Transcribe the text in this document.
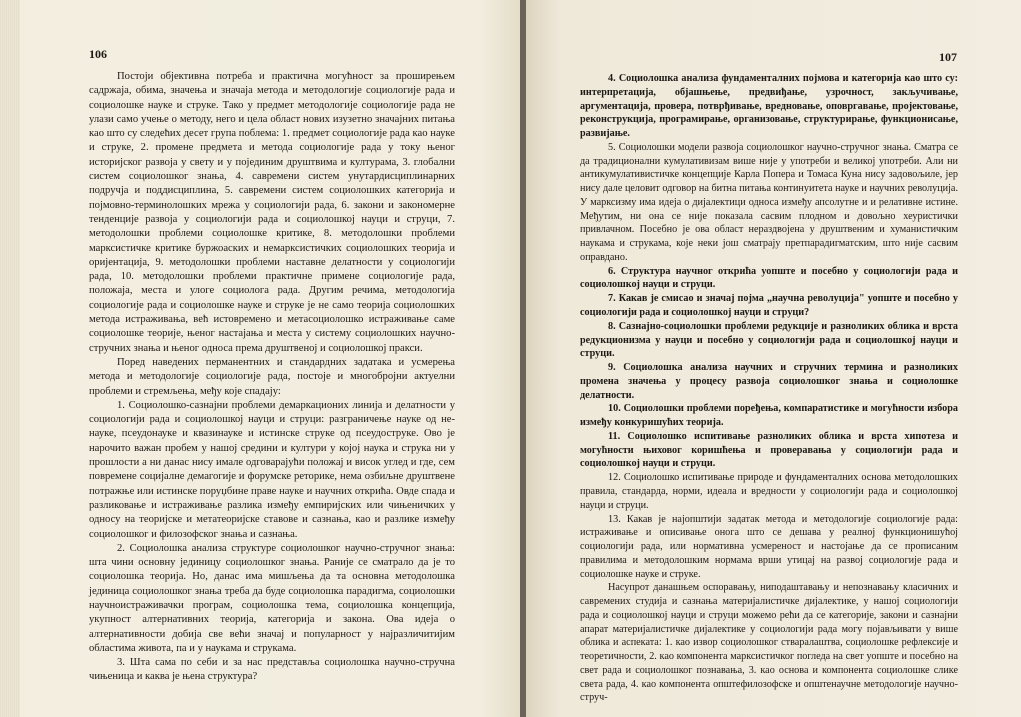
106

Постоји објективна потреба и практична могућност за проширењем садржаја, обима, значења и значаја метода и методологије социологије рада и социолошке науке и струке. Тако у предмет методологије социологије рада не улази само учење о методу, него и цела област нових изузетно значајних питања као што су следећих десет група поблема: 1. предмет социологије рада као науке и струке, 2. промене предмета и метода социологије рада у току њеног историјског развоја у свету и у појединим друштвима и културама, 3. глобални систем социолошког знања, 4. савремени систем унутардисциплинарних подручја и поддисциплина, 5. савремени систем социолошких категорија и појмовно-терминолошких мрежа у социологији рада, 6. закони и закономерне тенденције развоја у социологији рада и социолошкој науци и струци, 7. методолошки проблеми социолошке критике, 8. методолошки проблеми марксистичке критике буржоаских и немарксистичких социолошких теорија и оријентација, 9. методолошки проблеми наставне делатности у социологији рада, 10. методолошки проблеми практичне примене социологије рада, положаја, места и улоге социолога рада. Другим речима, методологија социологије рада и социолошке науке и струке је не само теорија социолошких метода истраживања, већ истовремено и метасоциолошко истраживање саме социолошке теорије, њеног настајања и места у систему социолошких научно-стручних знања и њеног односа према друштвеној и социолошкој пракси.

Поред наведених перманентних и стандардних задатака и усмерења метода и методологије социологије рада, постоје и многобројни актуелни проблеми и стремљења, међу које спадају:

1. Социолошко-сазнајни проблеми демаркационих линија и делатности у социологији рада и социолошкој науци и струци: разграничење науке од не-науке, псеудонауке и квазинауке и истинске струке од псеудоструке. Ово је нарочито важан пробем у нашој средини и култури у којој наука и струка ни у прошлости а ни данас нису имале одговарајући положај и висок углед и где, сем повремене социјалне демагогије и форумске реторике, нема озбиљне друштвене потражње или истинске поруџбине праве науке и научних открића. Овде спада и разликовање и истраживање разлика између емпиријских или чињеничких у односу на теоријске и метатеоријске ставове и сазнања, као и разлике између социолошког и филозофског знања и сазнања.

2. Социолошка анализа структуре социолошког научно-стручног знања: шта чини основну јединицу социолошког знања. Раније се сматрало да је то социолошка теорија. Но, данас има мишљења да та основна методолошка јединица социолошког знања треба да буде социолошка парадигма, социолошки научноистраживачки програм, социолошка тема, социолошка концепција, укупност алтернативних теорија, категорија и закона. Ова идеја о алтернативности добија све већи значај и популарност у најразличитијим областима живота, па и у наукама и струкама.

3. Шта сама по себи и за нас представља социолошка научно-стручна чињеница и каква је њена структура?

107

4. Социолошка анализа фундаменталних појмова и категорија као што су: интерпретација, објашњење, предвиђање, узрочност, закључивање, аргументација, провера, потврђивање, вредновање, оповргавање, пројектовање, реконструкција, програмирање, организовање, структурирање, функционисање, развијање.

5. Социолошки модели развоја социолошког научно-стручног знања. Сматра се да традиционални кумулативизам више није у употреби и великој употреби. Али ни антикумулативистичке концепције Карла Попера и Томаса Куна нису задовољиле, јер нису дале целовит одговор на битна питања континуитета науке и научних револуција. У марксизму има идеја о дијалектици односа између апсолутне и и релативне истине. Међутим, ни она се није показала сасвим плодном и довољно хеуристички привлачном. Посебно је ова област нераздвојена у друштвеним и хуманистичким наукама и струкама, које неки још сматрају претпарадигматским, што није сасвим оправдано.

6. Структура научног открића уопште и посебно у социологији рада и социолошкој науци и струци.

7. Какав је смисао и значај појма „научна револуција" уопште и посебно у социологији рада и социолошкој науци и струци?

8. Сазнајно-социолошки проблеми редукције и разноликих облика и врста редукционизма у науци и посебно у социологији рада и социолошкој науци и струци.

9. Социолошка анализа научних и стручних термина и разноликих промена значења у процесу развоја социолошког знања и социолошке делатности.

10. Социолошки проблеми поређења, компаратистике и могућности избора између конкуришућих теорија.

11. Социолошко испитивање разноликих облика и врста хипотеза и могућности њиховог коришћења и проверавања у социологији рада и социолошкој науци и струци.

12. Социолошко испитивање природе и фундаменталних основа методолошких правила, стандарда, норми, идеала и вредности у социологији рада и социолошкој науци и струци.

13. Какав је најопштији задатак метода и методологије социологије рада: истраживање и описивање онога што се дешава у реалној функционишућој социологији рада, или нормативна усмереност и настојање да се прописаним правилима и методолошким нормама врши утицај на развој социологије рада и социолошке науке и струке.

Насупрот данашњем оспоравању, ниподаштавању и непознавању класичних и савремених студија и сазнања материјалистичке дијалектике, у нашој социологији рада и социолошкој науци и струци можемо рећи да се категорије, закони и сазнајни апарат материјалистичке дијалектике у социологији рада могу појављивати у више облика и аспеката: 1. као извор социолошког стваралаштва, социолошке рефлексије и теоретичности, 2. као компонента марксистичког погледа на свет уопште и посебно на свет рада и социолошког познавања, 3. као основа и компонента социолошке слике света рада, 4. као компонента општефилозофске и општенаучне методологије научно-струч-
